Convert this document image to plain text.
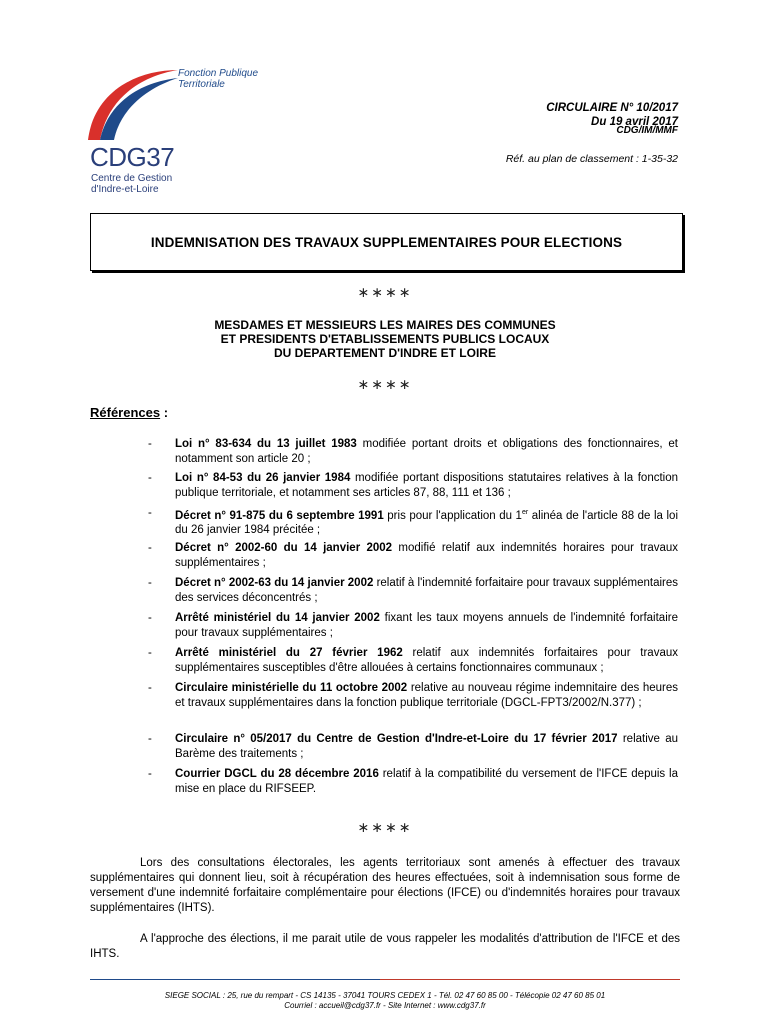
Fonction Publique
Territoriale
CDG37
Centre de Gestion
d'Indre-et-Loire
CIRCULAIRE N° 10/2017
Du 19 avril 2017
CDG/IM/MMF
Réf. au plan de classement : 1-35-32
INDEMNISATION DES TRAVAUX SUPPLEMENTAIRES POUR ELECTIONS
∗∗∗∗
MESDAMES ET MESSIEURS LES MAIRES DES COMMUNES
ET PRESIDENTS D'ETABLISSEMENTS PUBLICS LOCAUX
DU DEPARTEMENT D'INDRE ET LOIRE
∗∗∗∗
Références :
- Loi n° 83-634 du 13 juillet 1983 modifiée portant droits et obligations des fonctionnaires, et notamment son article 20 ;
- Loi n° 84-53 du 26 janvier 1984 modifiée portant dispositions statutaires relatives à la fonction publique territoriale, et notamment ses articles 87, 88, 111 et 136 ;
- Décret n° 91-875 du 6 septembre 1991 pris pour l'application du 1er alinéa de l'article 88 de la loi du 26 janvier 1984 précitée ;
- Décret n° 2002-60 du 14 janvier 2002 modifié relatif aux indemnités horaires pour travaux supplémentaires ;
- Décret n° 2002-63 du 14 janvier 2002 relatif à l'indemnité forfaitaire pour travaux supplémentaires des services déconcentrés ;
- Arrêté ministériel du 14 janvier 2002 fixant les taux moyens annuels de l'indemnité forfaitaire pour travaux supplémentaires ;
- Arrêté ministériel du 27 février 1962 relatif aux indemnités forfaitaires pour travaux supplémentaires susceptibles d'être allouées à certains fonctionnaires communaux ;
- Circulaire ministérielle du 11 octobre 2002 relative au nouveau régime indemnitaire des heures et travaux supplémentaires dans la fonction publique territoriale (DGCL-FPT3/2002/N.377) ;
- Circulaire n° 05/2017 du Centre de Gestion d'Indre-et-Loire du 17 février 2017 relative au Barème des traitements ;
- Courrier DGCL du 28 décembre 2016 relatif à la compatibilité du versement de l'IFCE depuis la mise en place du RIFSEEP.
∗∗∗∗
Lors des consultations électorales, les agents territoriaux sont amenés à effectuer des travaux supplémentaires qui donnent lieu, soit à récupération des heures effectuées, soit à indemnisation sous forme de versement d'une indemnité forfaitaire complémentaire pour élections (IFCE) ou d'indemnités horaires pour travaux supplémentaires (IHTS).
A l'approche des élections, il me parait utile de vous rappeler les modalités d'attribution de l'IFCE et des IHTS.
SIEGE SOCIAL : 25, rue du rempart - CS 14135 - 37041 TOURS CEDEX 1 - Tél. 02 47 60 85 00 - Télécopie 02 47 60 85 01
Courriel : accueil@cdg37.fr - Site Internet : www.cdg37.fr
